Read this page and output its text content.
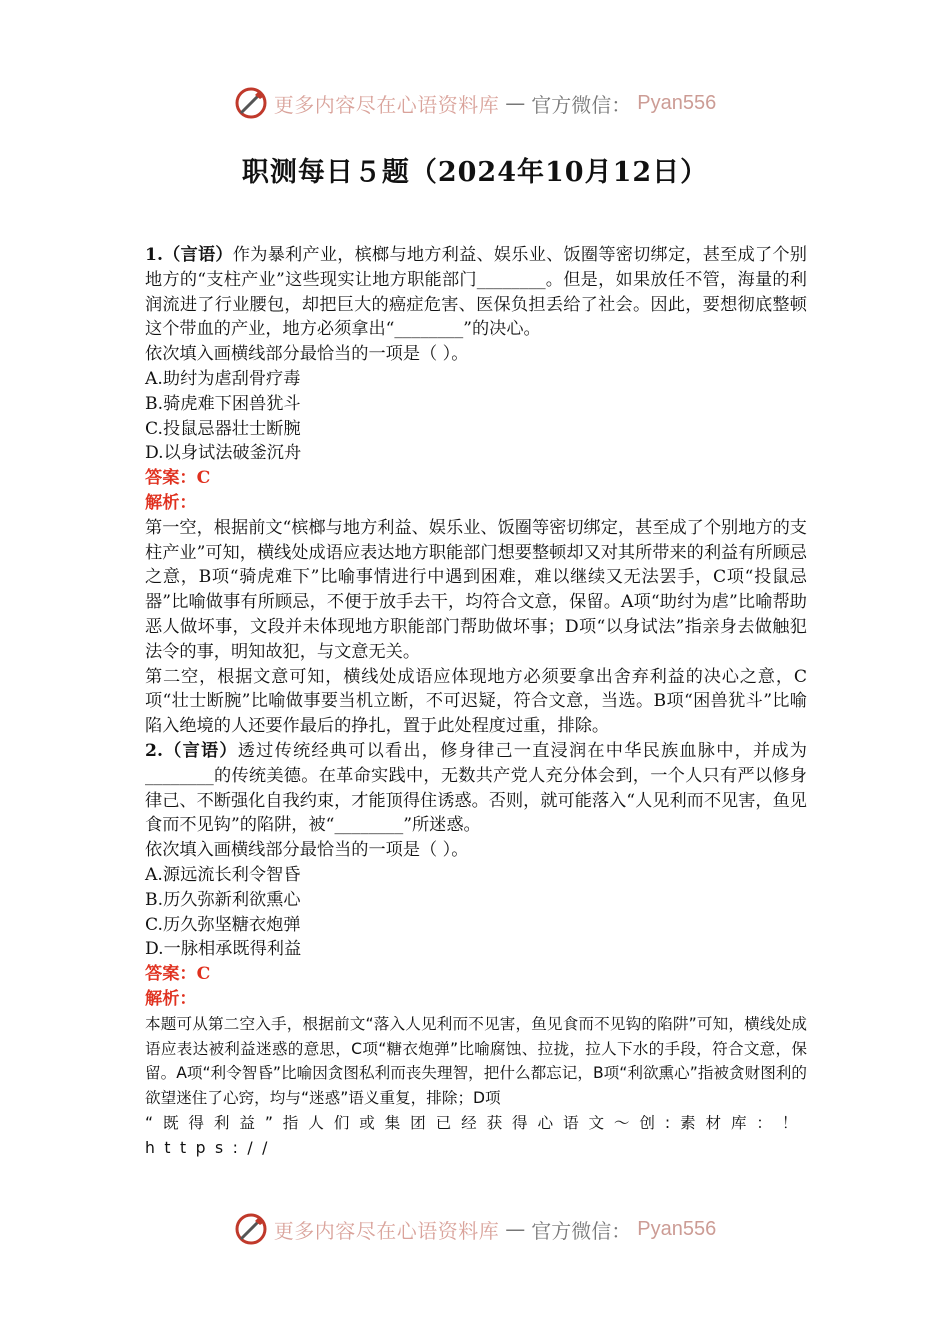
更多内容尽在心语资料库 — 官方微信： Pyan556
职测每日５题（2024年10月12日）

1.（言语）作为暴利产业，槟榔与地方利益、娱乐业、饭圈等密切绑定，甚至成了个别地方的“支柱产业”这些现实让地方职能部门________。但是，如果放任不管，海量的利润流进了行业腰包，却把巨大的癌症危害、医保负担丢给了社会。因此，要想彻底整顿这个带血的产业，地方必须拿出“________”的决心。

依次填入画横线部分最恰当的一项是（ ）。

A.助纣为虐刮骨疗毒

B.骑虎难下困兽犹斗

C.投鼠忌器壮士断腕

D.以身试法破釜沉舟

答案：C

解析：

第一空，根据前文“槟榔与地方利益、娱乐业、饭圈等密切绑定，甚至成了个别地方的支柱产业”可知，横线处成语应表达地方职能部门想要整顿却又对其所带来的利益有所顾忌之意，B项“骑虎难下”比喻事情进行中遇到困难，难以继续又无法罢手，C项“投鼠忌器”比喻做事有所顾忌，不便于放手去干，均符合文意，保留。A项“助纣为虐”比喻帮助恶人做坏事，文段并未体现地方职能部门帮助做坏事；D项“以身试法”指亲身去做触犯法令的事，明知故犯，与文意无关。

第二空，根据文意可知，横线处成语应体现地方必须要拿出舍弃利益的决心之意，C项“壮士断腕”比喻做事要当机立断，不可迟疑，符合文意，当选。B项“困兽犹斗”比喻陷入绝境的人还要作最后的挣扎，置于此处程度过重，排除。

2.（言语）透过传统经典可以看出，修身律己一直浸润在中华民族血脉中，并成为________的传统美德。在革命实践中，无数共产党人充分体会到，一个人只有严以修身律己、不断强化自我约束，才能顶得住诱惑。否则，就可能落入“人见利而不见害，鱼见食而不见钩”的陷阱，被“________”所迷惑。

依次填入画横线部分最恰当的一项是（ ）。

A.源远流长利令智昏

B.历久弥新利欲熏心

C.历久弥坚糖衣炮弹

D.一脉相承既得利益

答案：C

解析：

本题可从第二空入手，根据前文“落入人见利而不见害，鱼见食而不见钩的陷阱”可知，横线处成语应表达被利益迷惑的意思，C项“糖衣炮弹”比喻腐蚀、拉拢，拉人下水的手段，符合文意，保留。A项“利令智昏”比喻因贪图私利而丧失理智，把什么都忘记，B项“利欲熏心”指被贪财图利的欲望迷住了心窍，均与“迷惑”语义重复，排除；D项

“既得利益”指人们或集团已经获得心语文～创:素材库：！ https://

更多内容尽在心语资料库 — 官方微信： Pyan556
